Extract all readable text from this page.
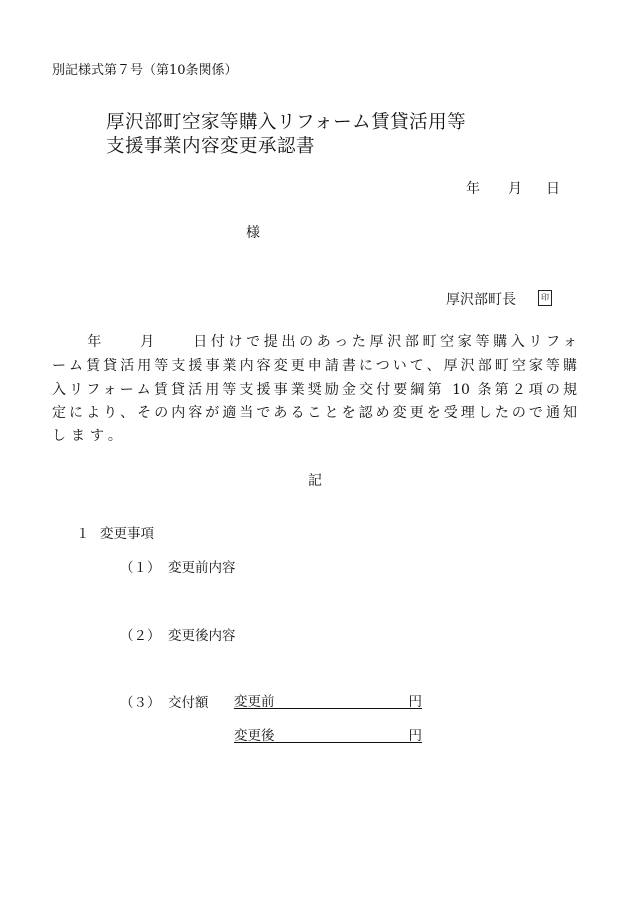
別記様式第７号（第10条関係）
厚沢部町空家等購入リフォーム賃貸活用等
支援事業内容変更承認書
年 月 日
様
厚沢部町長	印
　　年　　月　　日付けで提出のあった厚沢部町空家等購入リフォ
ーム賃貸活用等支援事業内容変更申請書について、厚沢部町空家等購
入リフォーム賃貸活用等支援事業奨励金交付要綱第 10 条第２項の規
定により、その内容が適当であることを認め変更を受理したので通知
します。
記
１ 変更事項
（１） 変更前内容
（２） 変更後内容
（３） 交付額 変更前	円
変更後	円
